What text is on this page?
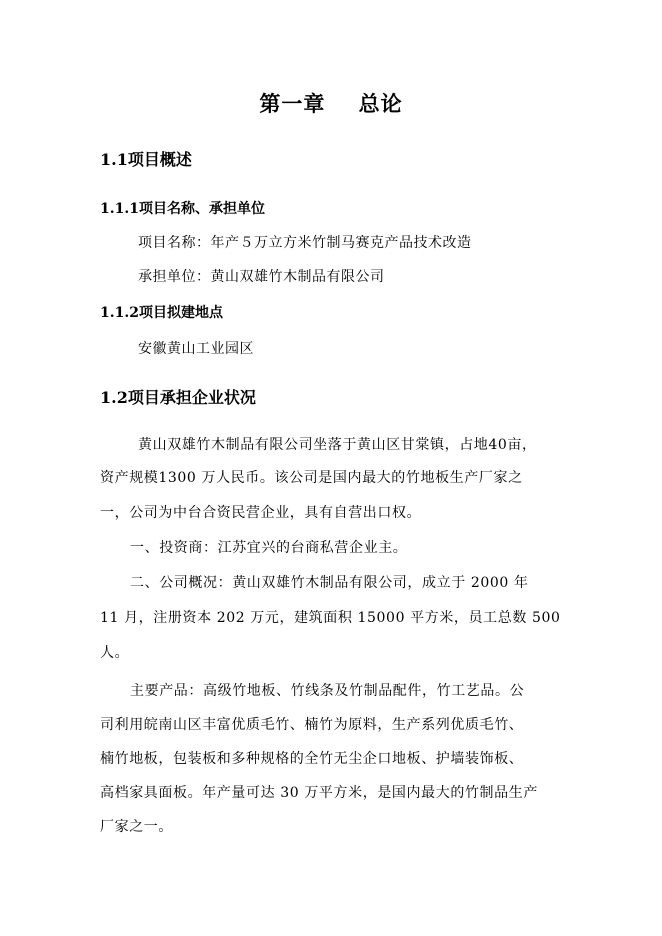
第一章    总论
1.1项目概述
1.1.1项目名称、承担单位
项目名称：年产５万立方米竹制马赛克产品技术改造
承担单位：黄山双雄竹木制品有限公司
1.1.2项目拟建地点
安徽黄山工业园区
1.2项目承担企业状况
黄山双雄竹木制品有限公司坐落于黄山区甘棠镇，占地40亩，
资产规模1300 万人民币。该公司是国内最大的竹地板生产厂家之
一，公司为中台合资民营企业，具有自营出口权。
一、投资商：江苏宜兴的台商私营企业主。
二、公司概况：黄山双雄竹木制品有限公司，成立于 2000 年
11 月，注册资本 202 万元，建筑面积 15000 平方米，员工总数 500
人。
主要产品：高级竹地板、竹线条及竹制品配件，竹工艺品。公
司利用皖南山区丰富优质毛竹、楠竹为原料，生产系列优质毛竹、
楠竹地板，包装板和多种规格的全竹无尘企口地板、护墙装饰板、
高档家具面板。年产量可达 30 万平方米，是国内最大的竹制品生产
厂家之一。
